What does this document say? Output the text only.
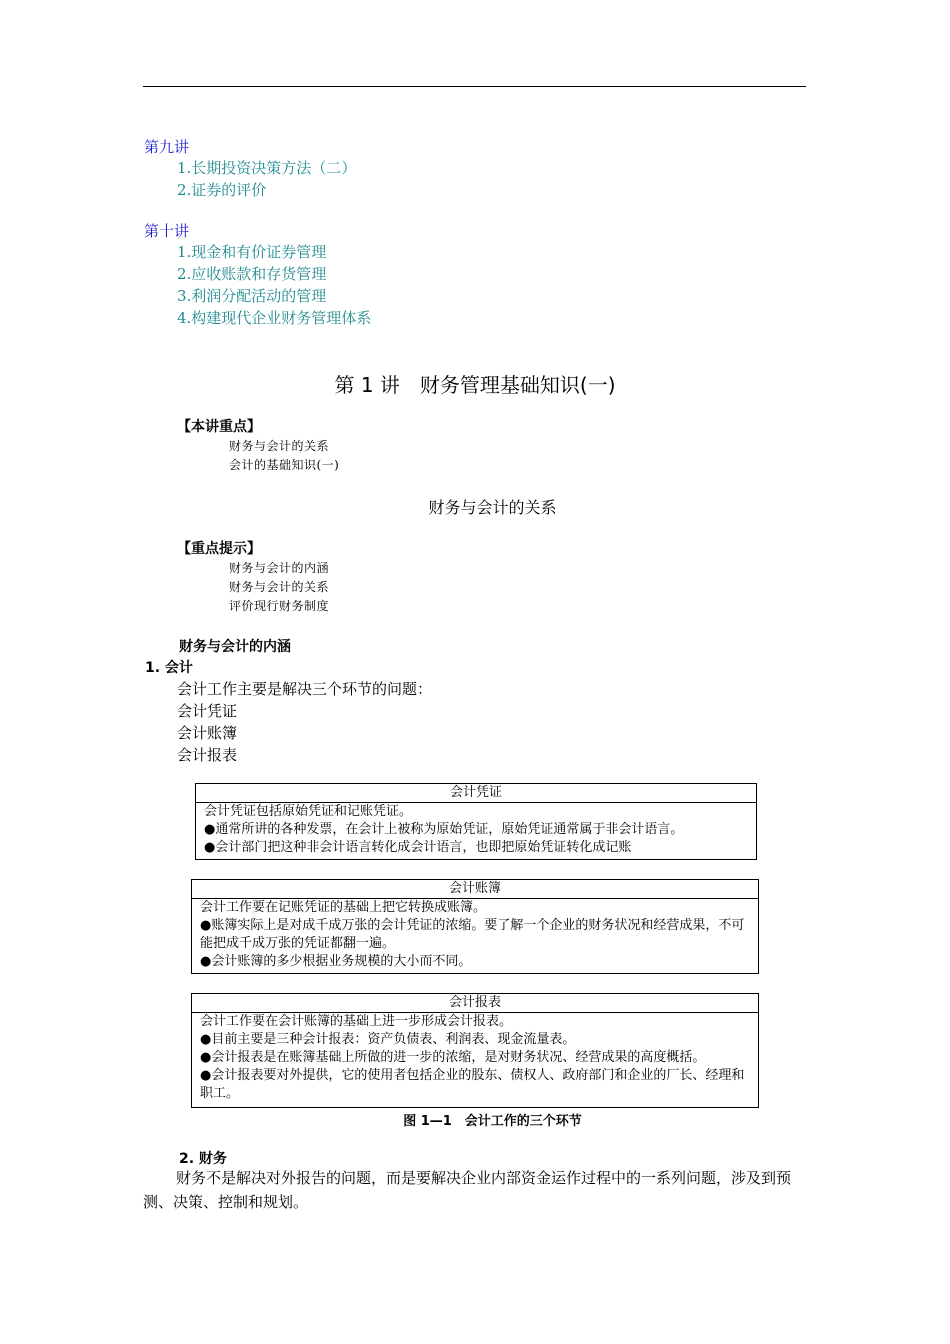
第九讲
1.长期投资决策方法（二）
2.证券的评价
第十讲
1.现金和有价证券管理
2.应收账款和存货管理
3.利润分配活动的管理
4.构建现代企业财务管理体系
第 1 讲　财务管理基础知识(一)
【本讲重点】
财务与会计的关系
会计的基础知识(一)
财务与会计的关系
【重点提示】
财务与会计的内涵
财务与会计的关系
评价现行财务制度
财务与会计的内涵
1. 会计
会计工作主要是解决三个环节的问题：
会计凭证
会计账簿
会计报表
会计凭证
会计凭证包括原始凭证和记账凭证。
●通常所讲的各种发票，在会计上被称为原始凭证，原始凭证通常属于非会计语言。
●会计部门把这种非会计语言转化成会计语言，也即把原始凭证转化成记账
会计账簿
会计工作要在记账凭证的基础上把它转换成账簿。
●账簿实际上是对成千成万张的会计凭证的浓缩。要了解一个企业的财务状况和经营成果，不可能把成千成万张的凭证都翻一遍。
●会计账簿的多少根据业务规模的大小而不同。
会计报表
会计工作要在会计账簿的基础上进一步形成会计报表。
●目前主要是三种会计报表：资产负债表、利润表、现金流量表。
●会计报表是在账簿基础上所做的进一步的浓缩，是对财务状况、经营成果的高度概括。
●会计报表要对外提供，它的使用者包括企业的股东、债权人、政府部门和企业的厂长、经理和职工。
图 1—1　会计工作的三个环节
2. 财务
财务不是解决对外报告的问题，而是要解决企业内部资金运作过程中的一系列问题，涉及到预测、决策、控制和规划。
